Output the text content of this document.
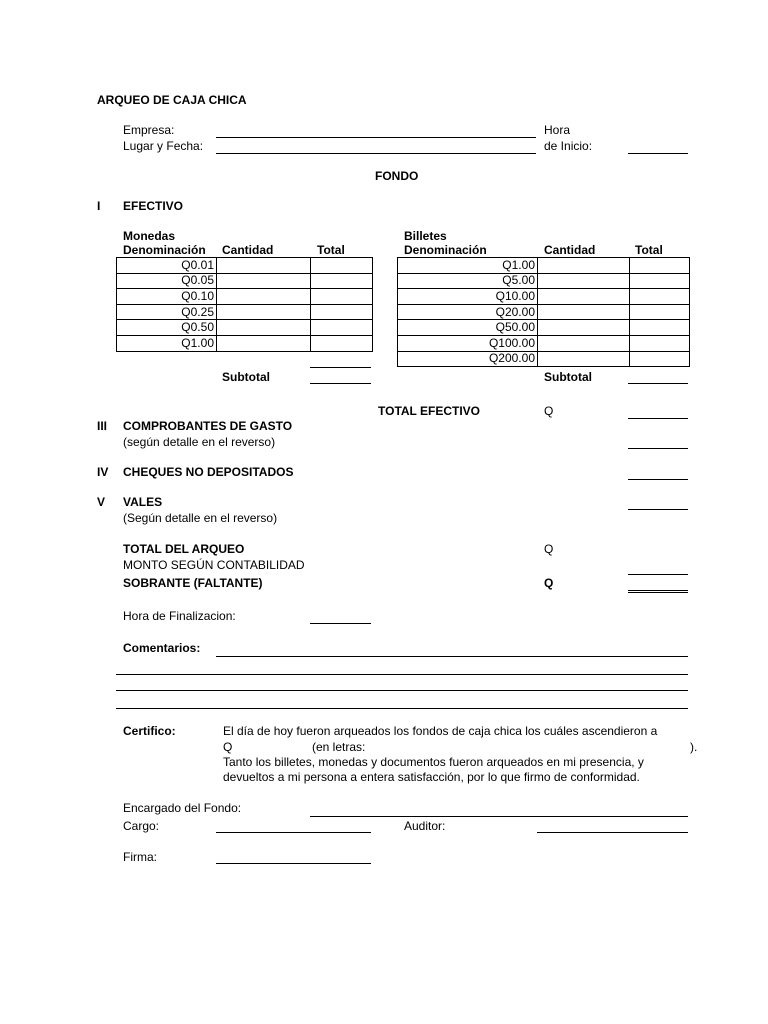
ARQUEO DE CAJA CHICA
Empresa:
Lugar y Fecha:
Hora
de Inicio:
FONDO
I EFECTIVO
Monedas
Denominación Cantidad	Total
Q0.01		
Q0.05		
Q0.10		
Q0.25		
Q0.50		
Q1.00		
Subtotal
Billetes
Denominación	Cantidad	Total
Q1.00		
Q5.00		
Q10.00		
Q20.00		
Q50.00		
Q100.00		
Q200.00		
Subtotal
TOTAL EFECTIVO	Q
III COMPROBANTES DE GASTO
(según detalle en el reverso)
IV CHEQUES NO DEPOSITADOS
V VALES
(Según detalle en el reverso)
TOTAL DEL ARQUEO	Q
MONTO SEGÚN CONTABILIDAD
SOBRANTE (FALTANTE)	Q
Hora de Finalizacion:
Comentarios:
Certifico:	El día de hoy fueron arqueados los fondos de caja chica los cuáles ascendieron a
Q	(en letras:	).
Tanto los billetes, monedas y documentos fueron arqueados en mi presencia, y
devueltos a mi persona a entera satisfacción, por lo que firmo de conformidad.
Encargado del Fondo:
Cargo:	Auditor:
Firma:
